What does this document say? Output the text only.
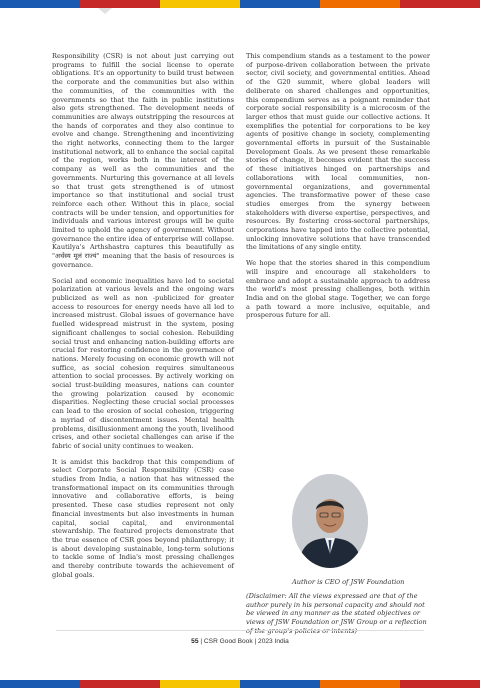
Responsibility (CSR) is not about just carrying out programs to fulfill the social license to operate obligations. It's an opportunity to build trust between the corporate and the communities but also within the communities, of the communities with the governments so that the faith in public institutions also gets strengthened. The development needs of communities are always outstripping the resources at the hands of corporates and they also continue to evolve and change. Strengthening and incentivizing the right networks, connecting them to the larger institutional network, all to enhance the social capital of the region, works both in the interest of the company as well as the communities and the governments. Nurturing this governance at all levels so that trust gets strengthened is of utmost importance so that institutional and social trust reinforce each other. Without this in place, social contracts will be under tension, and opportunities for individuals and various interest groups will be quite limited to uphold the agency of government. Without governance the entire idea of enterprise will collapse. Kautilya's Arthshastra captures this beautifully as "अर्थस्य मूलं राज्यं" meaning that the basis of resources is governance.

Social and economic inequalities have led to societal polarization at various levels and the ongoing wars publicized as well as non -publicized for greater access to resources for energy needs have all led to increased mistrust. Global issues of governance have fuelled widespread mistrust in the system, posing significant challenges to social cohesion. Rebuilding social trust and enhancing nation-building efforts are crucial for restoring confidence in the governance of nations. Merely focusing on economic growth will not suffice, as social cohesion requires simultaneous attention to social processes. By actively working on social trust-building measures, nations can counter the growing polarization caused by economic disparities. Neglecting these crucial social processes can lead to the erosion of social cohesion, triggering a myriad of discontentment issues. Mental health problems, disillusionment among the youth, livelihood crises, and other societal challenges can arise if the fabric of social unity continues to weaken.

It is amidst this backdrop that this compendium of select Corporate Social Responsibility (CSR) case studies from India, a nation that has witnessed the transformational impact on its communities through innovative and collaborative efforts, is being presented. These case studies represent not only financial investments but also investments in human capital, social capital, and environmental stewardship. The featured projects demonstrate that the true essence of CSR goes beyond philanthropy; it is about developing sustainable, long-term solutions to tackle some of India's most pressing challenges and thereby contribute towards the achievement of global goals.

This compendium stands as a testament to the power of purpose-driven collaboration between the private sector, civil society, and governmental entities. Ahead of the G20 summit, where global leaders will deliberate on shared challenges and opportunities, this compendium serves as a poignant reminder that corporate social responsibility is a microcosm of the larger ethos that must guide our collective actions. It exemplifies the potential for corporations to be key agents of positive change in society, complementing governmental efforts in pursuit of the Sustainable Development Goals. As we present these remarkable stories of change, it becomes evident that the success of these initiatives hinged on partnerships and collaborations with local communities, non-governmental organizations, and governmental agencies. The transformative power of these case studies emerges from the synergy between stakeholders with diverse expertise, perspectives, and resources. By fostering cross-sectoral partnerships, corporations have tapped into the collective potential, unlocking innovative solutions that have transcended the limitations of any single entity.

We hope that the stories shared in this compendium will inspire and encourage all stakeholders to embrace and adopt a sustainable approach to address the world's most pressing challenges, both within India and on the global stage. Together, we can forge a path toward a more inclusive, equitable, and prosperous future for all.

Author is CEO of JSW Foundation
(Disclaimer: All the views expressed are that of the author purely in his personal capacity and should not be viewed in any manner as the stated objectives or views of JSW Foundation or JSW Group or a reflection
55 | CSR Good Book | 2023 India
